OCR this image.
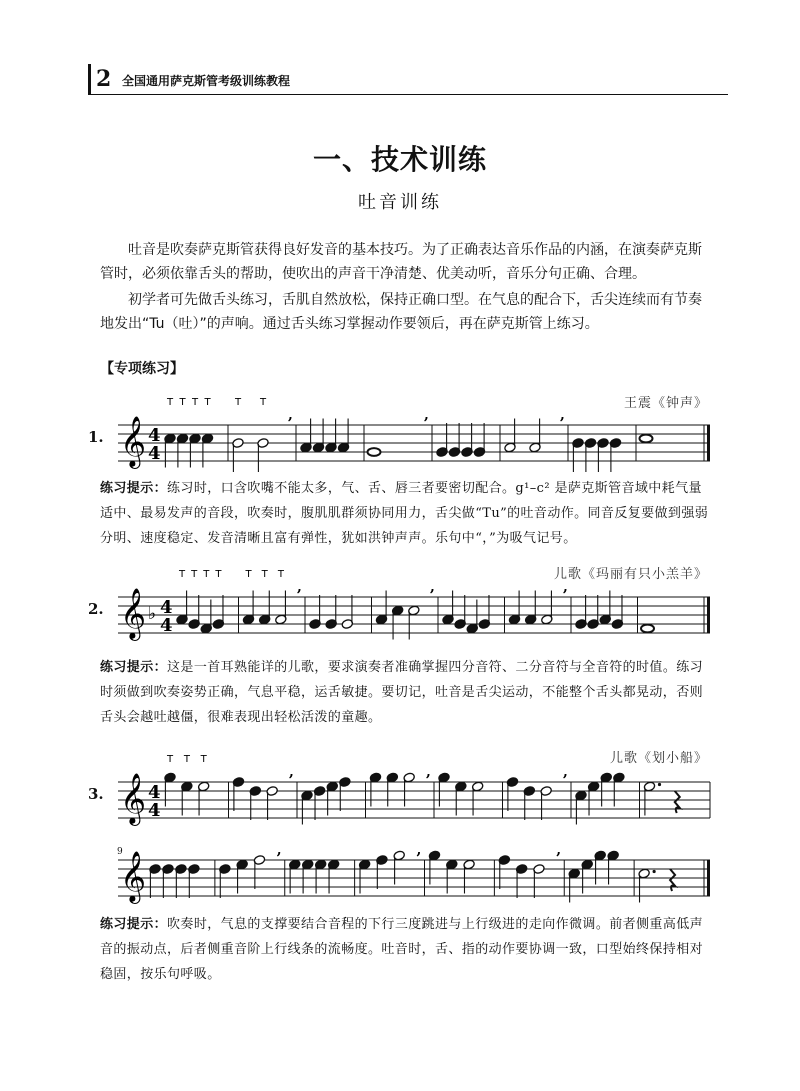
2 全国通用萨克斯管考级训练教程
一、技术训练
吐音训练

吐音是吹奏萨克斯管获得良好发音的基本技巧。为了正确表达音乐作品的内涵，在演奏萨克斯管时，必须依靠舌头的帮助，使吹出的声音干净清楚、优美动听，音乐分句正确、合理。

初学者可先做舌头练习，舌肌自然放松，保持正确口型。在气息的配合下，舌尖连续而有节奏地发出“Tu（吐）”的声响。通过舌头练习掌握动作要领后，再在萨克斯管上练习。

【专项练习】
王震《钟声》
1. 𝄞 4
4
T T T T T T
,	,	,
练习提示：练习时，口含吹嘴不能太多，气、舌、唇三者要密切配合。g¹–c² 是萨克斯管音域中耗气量适中、最易发声的音段，吹奏时，腹肌肌群须协同用力，舌尖做“Tu”的吐音动作。同音反复要做到强弱分明、速度稳定、发音清晰且富有弹性，犹如洪钟声声。乐句中“，”为吸气记号。
儿歌《玛丽有只小羔羊》
2. 𝄞 ♭ 4
4
T T T T T T T
,	,	,
练习提示：这是一首耳熟能详的儿歌，要求演奏者准确掌握四分音符、二分音符与全音符的时值。练习时须做到吹奏姿势正确，气息平稳，运舌敏捷。要切记，吐音是舌尖运动，不能整个舌头都晃动，否则舌头会越吐越僵，很难表现出轻松活泼的童趣。
儿歌《划小船》
3. 𝄞 4
4
T T T
,	,	,
9
𝄞
,	,	,
练习提示：吹奏时，气息的支撑要结合音程的下行三度跳进与上行级进的走向作微调。前者侧重高低声音的振动点，后者侧重音阶上行线条的流畅度。吐音时，舌、指的动作要协调一致，口型始终保持相对稳固，按乐句呼吸。
